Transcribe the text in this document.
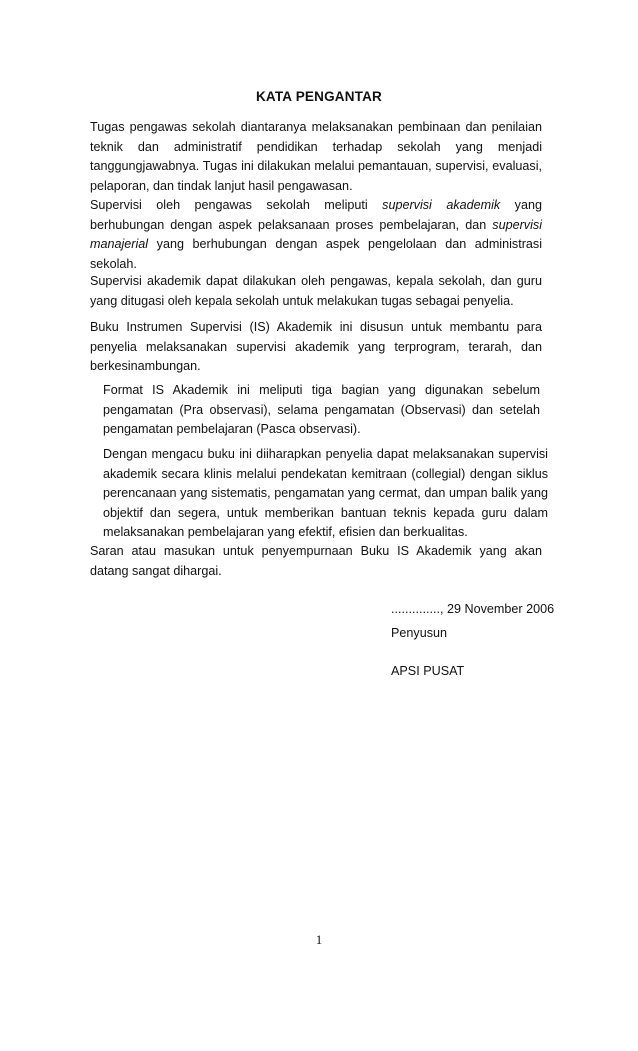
KATA PENGANTAR

Tugas pengawas sekolah diantaranya melaksanakan pembinaan dan penilaian teknik dan administratif pendidikan terhadap sekolah yang menjadi tanggungjawabnya. Tugas ini dilakukan melalui pemantauan, supervisi, evaluasi, pelaporan, dan tindak lanjut hasil pengawasan.

Supervisi oleh pengawas sekolah meliputi supervisi akademik yang berhubungan dengan aspek pelaksanaan proses pembelajaran, dan supervisi manajerial yang berhubungan dengan aspek pengelolaan dan administrasi sekolah.

Supervisi akademik dapat dilakukan oleh pengawas, kepala sekolah, dan guru yang ditugasi oleh kepala sekolah untuk melakukan tugas sebagai penyelia.

Buku Instrumen Supervisi (IS) Akademik ini disusun untuk membantu para penyelia melaksanakan supervisi akademik yang terprogram, terarah, dan berkesinambungan.

Format IS Akademik ini meliputi tiga bagian yang digunakan sebelum pengamatan (Pra observasi), selama pengamatan (Observasi) dan setelah pengamatan pembelajaran (Pasca observasi).

Dengan mengacu buku ini diiharapkan penyelia dapat melaksanakan supervisi akademik secara klinis melalui pendekatan kemitraan (collegial) dengan siklus perencanaan yang sistematis, pengamatan yang cermat, dan umpan balik yang objektif dan segera, untuk memberikan bantuan teknis kepada guru dalam melaksanakan pembelajaran yang efektif, efisien dan berkualitas.

Saran atau masukan untuk penyempurnaan Buku IS Akademik yang akan datang sangat dihargai.

.............., 29 November 2006
Penyusun
APSI PUSAT
1
